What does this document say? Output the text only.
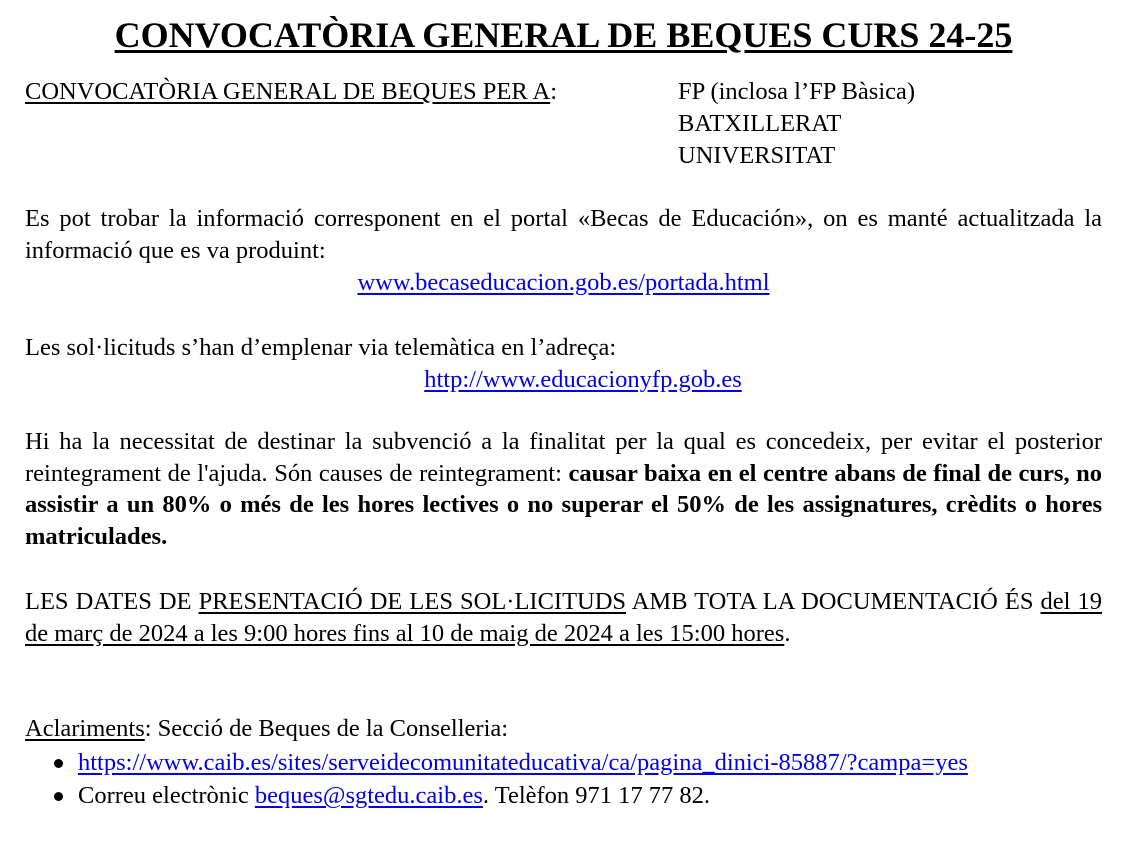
CONVOCATÒRIA GENERAL DE BEQUES CURS 24-25
CONVOCATÒRIA GENERAL DE BEQUES PER A:	FP (inclosa l’FP Bàsica)
BATXILLERAT
UNIVERSITAT
Es pot trobar la informació corresponent en el portal «Becas de Educación», on es manté actualitzada la informació que es va produint:
www.becaseducacion.gob.es/portada.html
Les sol·licituds s’han d’emplenar via telemàtica en l’adreça:
http://www.educacionyfp.gob.es
Hi ha la necessitat de destinar la subvenció a la finalitat per la qual es concedeix, per evitar el posterior reintegrament de l'ajuda. Són causes de reintegrament: causar baixa en el centre abans de final de curs, no assistir a un 80% o més de les hores lectives o no superar el 50% de les assignatures, crèdits o hores matriculades.
LES DATES DE PRESENTACIÓ DE LES SOL·LICITUDS AMB TOTA LA DOCUMENTACIÓ ÉS del 19 de març de 2024 a les 9:00 hores fins al 10 de maig de 2024 a les 15:00 hores.
Aclariments: Secció de Beques de la Conselleria:
https://www.caib.es/sites/serveidecomunitateducativa/ca/pagina_dinici-85887/?campa=yes
Correu electrònic beques@sgtedu.caib.es. Telèfon 971 17 77 82.
